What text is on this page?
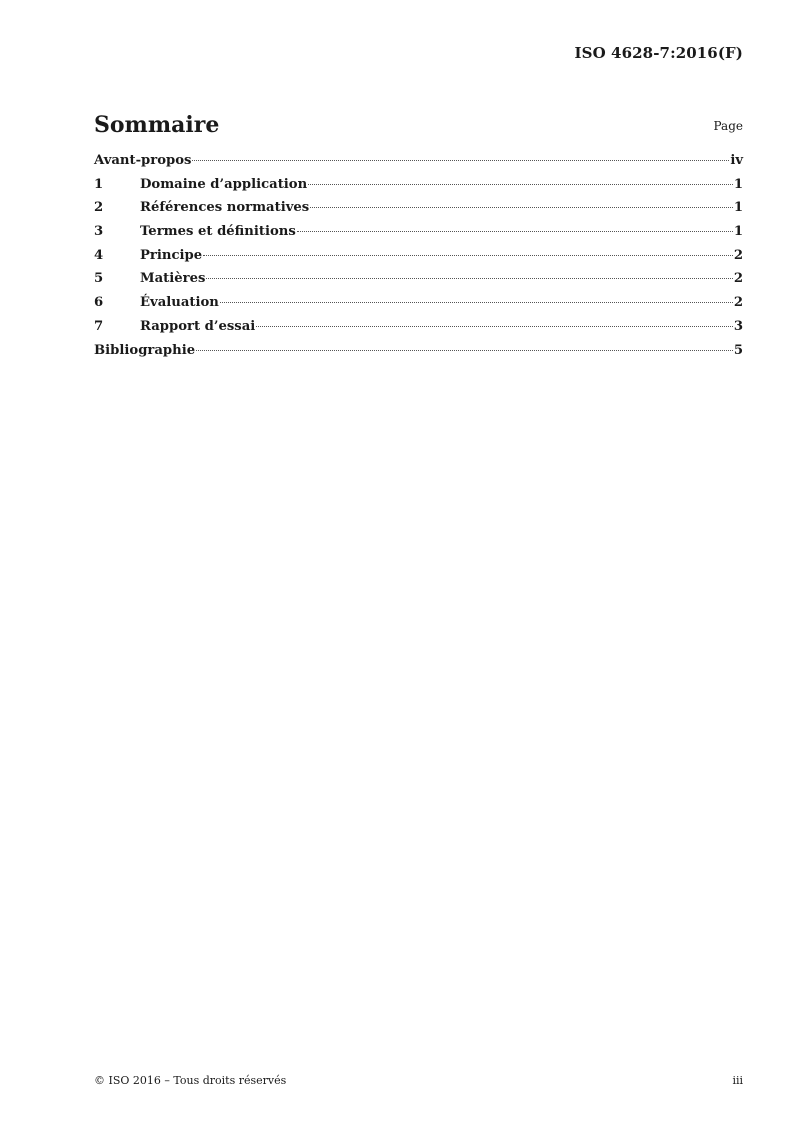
ISO 4628-7:2016(F)
Sommaire	Page
Avant-propos	iv
1	Domaine d’application	1
2	Références normatives	1
3	Termes et définitions	1
4	Principe	2
5	Matières	2
6	Évaluation	2
7	Rapport d’essai	3
Bibliographie	5
© ISO 2016 – Tous droits réservés	iii
